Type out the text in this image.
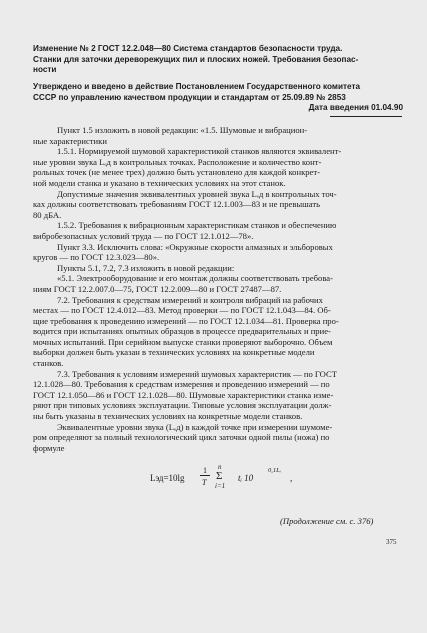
Изменение № 2 ГОСТ 12.2.048—80 Система стандартов безопасности труда.
Станки для заточки дереворежущих пил и плоских ножей. Требования безопас-
ности
Утверждено и введено в действие Постановлением Государственного комитета
СССР по управлению качеством продукции и стандартам от 25.09.89 № 2853
Дата введения 01.04.90
Пункт 1.5 изложить в новой редакции: «1.5. Шумовые и вибрацион-
ные характеристики
1.5.1. Нормируемой шумовой характеристикой станков являются эквивалент-
ные уровни звука Lₑд в контрольных точках. Расположение и количество конт-
рольных точек (не менее трех) должно быть установлено для каждой конкрет-
ной модели станка и указано в технических условиях на этот станок.
Допустимые значения эквивалентных уровней звука Lₑд в контрольных точ-
ках должны соответствовать требованиям ГОСТ 12.1.003—83 и не превышать
80 дБА.
1.5.2. Требования к вибрационным характеристикам станков и обеспечению
вибробезопасных условий труда — по ГОСТ 12.1.012—78».
Пункт 3.3. Исключить слова: «Окружные скорости алмазных и эльборовых
кругов — по ГОСТ 12.3.023—80».
Пункты 5.1, 7.2, 7.3 изложить в новой редакции:
«5.1. Электрооборудование и его монтаж должны соответствовать требова-
ниям ГОСТ 12.2.007.0—75, ГОСТ 12.2.009—80 и ГОСТ 27487—87.
7.2. Требования к средствам измерений и контроля вибраций на рабочих
местах — по ГОСТ 12.4.012—83. Метод проверки — по ГОСТ 12.1.043—84. Об-
щие требования к проведению измерений — по ГОСТ 12.1.034—81. Проверка про-
водится при испытаниях опытных образцов в процессе предварительных и прие-
мочных испытаний. При серийном выпуске станки проверяют выборочно. Объем
выборки должен быть указан в технических условиях на конкретные модели
станков.
7.3. Требования к условиям измерений шумовых характеристик — по ГОСТ
12.1.028—80. Требования к средствам измерения и проведению измерений — по
ГОСТ 12.1.050—86 и ГОСТ 12.1.028—80. Шумовые характеристики станка изме-
ряют при типовых условиях эксплуатации. Типовые условия эксплуатации долж-
ны быть указаны в технических условиях на конкретные модели станков.
Эквивалентные уровни звука (Lₑд) в каждой точке при измерении шумоме-
ром определяют за полный технологический цикл заточки одной пилы (ножа) по
формуле
Lэд=10lg
1
T
n
Σ
i=1
tᵢ 10
0,1Lᵢ
,
(Продолжение см. с. 376)
375
